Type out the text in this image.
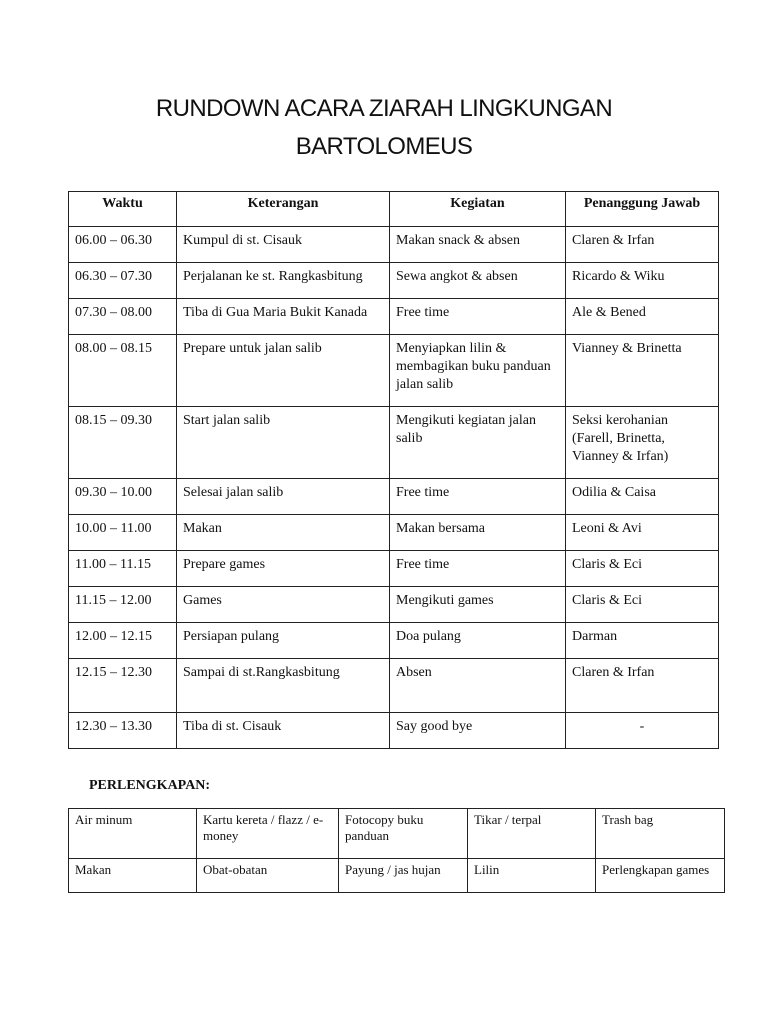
RUNDOWN ACARA ZIARAH LINGKUNGAN
BARTOLOMEUS
Waktu	Keterangan	Kegiatan	Penanggung Jawab
06.00 – 06.30	Kumpul di st. Cisauk	Makan snack & absen	Claren & Irfan
06.30 – 07.30	Perjalanan ke st. Rangkasbitung	Sewa angkot & absen	Ricardo & Wiku
07.30 – 08.00	Tiba di Gua Maria Bukit Kanada	Free time	Ale & Bened
08.00 – 08.15	Prepare untuk jalan salib	Menyiapkan lilin & membagikan buku panduan jalan salib	Vianney & Brinetta
08.15 – 09.30	Start jalan salib	Mengikuti kegiatan jalan salib	Seksi kerohanian (Farell, Brinetta, Vianney & Irfan)
09.30 – 10.00	Selesai jalan salib	Free time	Odilia & Caisa
10.00 – 11.00	Makan	Makan bersama	Leoni & Avi
11.00 – 11.15	Prepare games	Free time	Claris & Eci
11.15 – 12.00	Games	Mengikuti games	Claris & Eci
12.00 – 12.15	Persiapan pulang	Doa pulang	Darman
12.15 – 12.30	Sampai di st.Rangkasbitung	Absen	Claren & Irfan
12.30 – 13.30	Tiba di st. Cisauk	Say good bye	-
PERLENGKAPAN:
Air minum	Kartu kereta / flazz / e-money	Fotocopy buku panduan	Tikar / terpal	Trash bag
Makan	Obat-obatan	Payung / jas hujan	Lilin	Perlengkapan games
